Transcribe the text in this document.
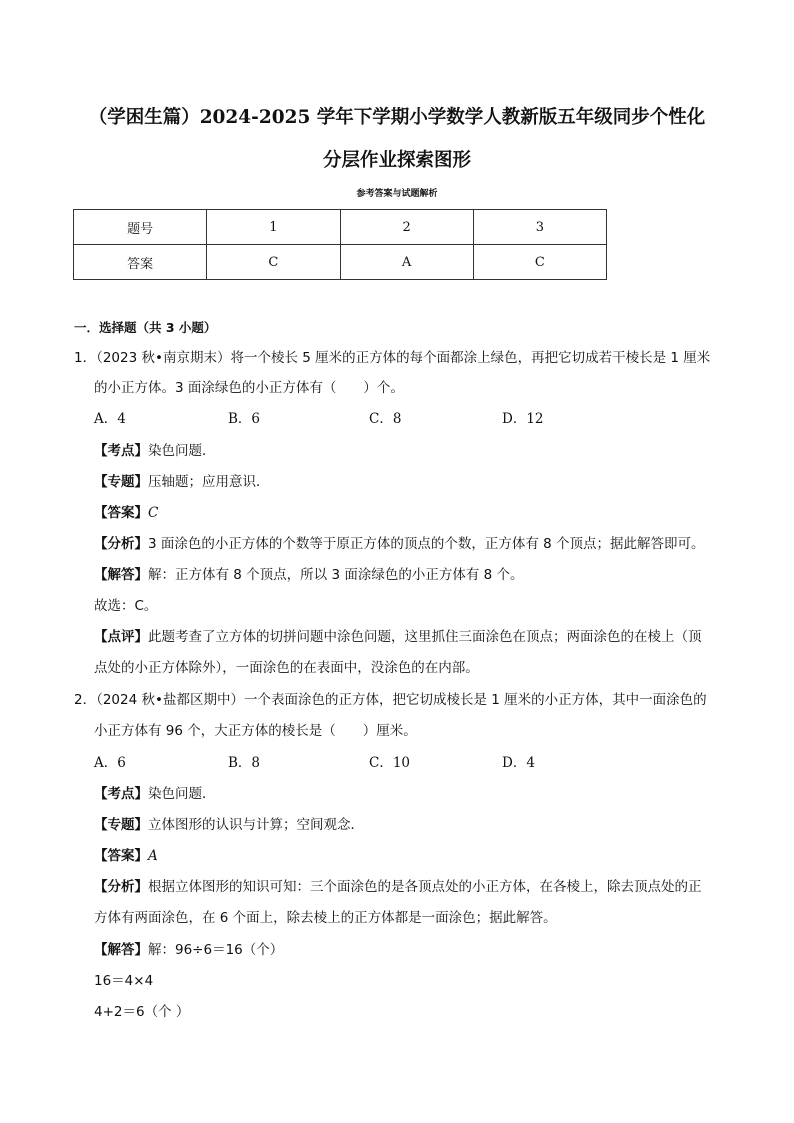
（学困生篇）2024-2025 学年下学期小学数学人教新版五年级同步个性化
分层作业探索图形
参考答案与试题解析
题号	1	2	3
答案	C	A	C
一．选择题（共 3 小题）
1．（2023 秋•南京期末）将一个棱长 5 厘米的正方体的每个面都涂上绿色，再把它切成若干棱长是 1 厘米
的小正方体。3 面涂绿色的小正方体有（　　）个。
A．4	B．6	C．8	D．12
【考点】染色问题．
【专题】压轴题；应用意识．
【答案】C
【分析】3 面涂色的小正方体的个数等于原正方体的顶点的个数，正方体有 8 个顶点；据此解答即可。
【解答】解：正方体有 8 个顶点，所以 3 面涂绿色的小正方体有 8 个。
故选：C。
【点评】此题考查了立方体的切拼问题中涂色问题，这里抓住三面涂色在顶点；两面涂色的在棱上（顶
点处的小正方体除外），一面涂色的在表面中，没涂色的在内部。
2．（2024 秋•盐都区期中）一个表面涂色的正方体，把它切成棱长是 1 厘米的小正方体，其中一面涂色的
小正方体有 96 个，大正方体的棱长是（　　）厘米。
A．6	B．8	C．10	D．4
【考点】染色问题．
【专题】立体图形的认识与计算；空间观念．
【答案】A
【分析】根据立体图形的知识可知：三个面涂色的是各顶点处的小正方体，在各棱上，除去顶点处的正
方体有两面涂色，在 6 个面上，除去棱上的正方体都是一面涂色；据此解答。
【解答】解：96÷6＝16（个）
16＝4×4
4+2＝6（个 ）
